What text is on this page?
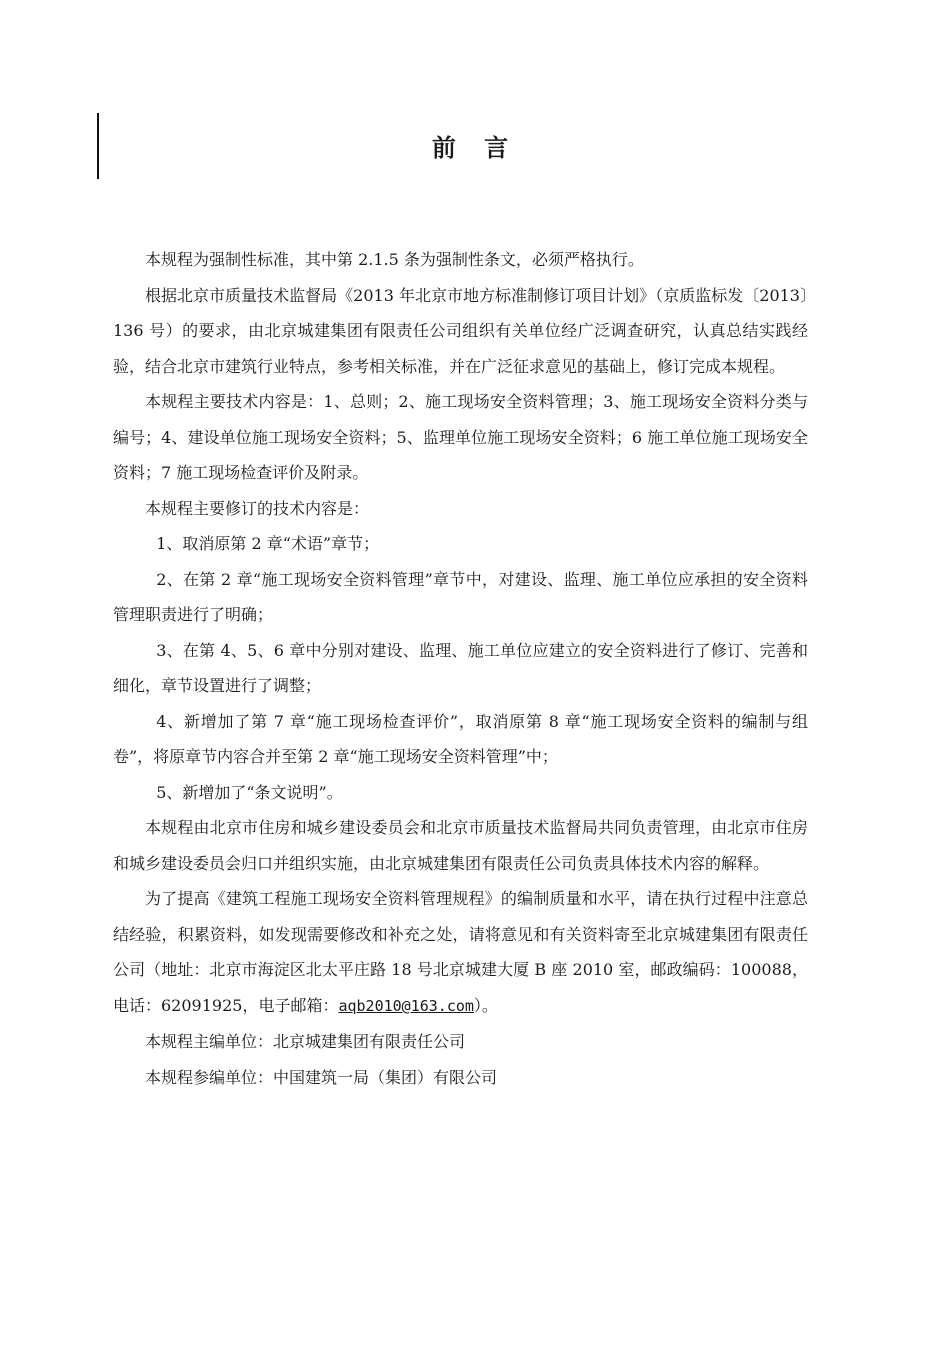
前 言

本规程为强制性标准，其中第 2.1.5 条为强制性条文，必须严格执行。

根据北京市质量技术监督局《2013 年北京市地方标准制修订项目计划》（京质监标发〔2013〕136 号）的要求，由北京城建集团有限责任公司组织有关单位经广泛调查研究，认真总结实践经验，结合北京市建筑行业特点，参考相关标准，并在广泛征求意见的基础上，修订完成本规程。

本规程主要技术内容是：1、总则；2、施工现场安全资料管理；3、施工现场安全资料分类与编号；4、建设单位施工现场安全资料；5、监理单位施工现场安全资料；6 施工单位施工现场安全资料；7 施工现场检查评价及附录。

本规程主要修订的技术内容是：

1、取消原第 2 章“术语”章节；

2、在第 2 章“施工现场安全资料管理”章节中，对建设、监理、施工单位应承担的安全资料管理职责进行了明确；

3、在第 4、5、6 章中分别对建设、监理、施工单位应建立的安全资料进行了修订、完善和细化，章节设置进行了调整；

4、新增加了第 7 章“施工现场检查评价”，取消原第 8 章“施工现场安全资料的编制与组卷”，将原章节内容合并至第 2 章“施工现场安全资料管理”中；

5、新增加了“条文说明”。

本规程由北京市住房和城乡建设委员会和北京市质量技术监督局共同负责管理，由北京市住房和城乡建设委员会归口并组织实施，由北京城建集团有限责任公司负责具体技术内容的解释。

为了提高《建筑工程施工现场安全资料管理规程》的编制质量和水平，请在执行过程中注意总结经验，积累资料，如发现需要修改和补充之处，请将意见和有关资料寄至北京城建集团有限责任公司（地址：北京市海淀区北太平庄路 18 号北京城建大厦 B 座 2010 室，邮政编码：100088，电话：62091925，电子邮箱：aqb2010@163.com）。

本规程主编单位：北京城建集团有限责任公司

本规程参编单位：中国建筑一局（集团）有限公司
